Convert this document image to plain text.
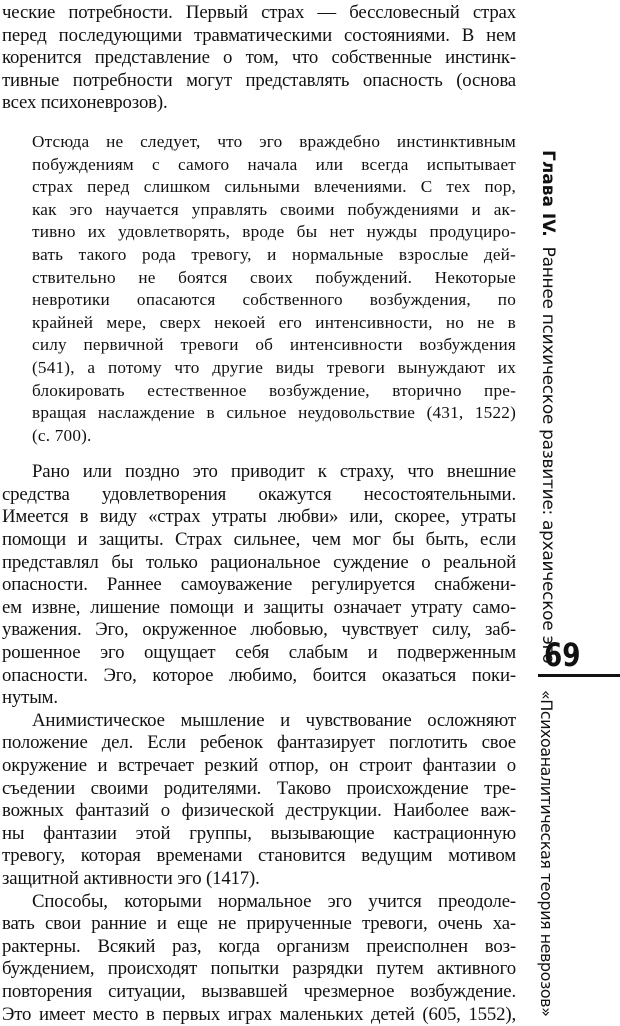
ческие потребности. Первый страх — бессловесный страх
перед последующими травматическими состояниями. В нем
коренится представление о том, что собственные инстинк-
тивные потребности могут представлять опасность (основа
всех психоневрозов).
Отсюда не следует, что эго враждебно инстинктивным
побуждениям с самого начала или всегда испытывает
страх перед слишком сильными влечениями. С тех пор,
как эго научается управлять своими побуждениями и ак-
тивно их удовлетворять, вроде бы нет нужды продуциро-
вать такого рода тревогу, и нормальные взрослые дей-
ствительно не боятся своих побуждений. Некоторые
невротики опасаются собственного возбуждения, по
крайней мере, сверх некоей его интенсивности, но не в
силу первичной тревоги об интенсивности возбуждения
(541), а потому что другие виды тревоги вынуждают их
блокировать естественное возбуждение, вторично пре-
вращая наслаждение в сильное неудовольствие (431, 1522)
(с. 700).
Рано или поздно это приводит к страху, что внешние
средства удовлетворения окажутся несостоятельными.
Имеется в виду «страх утраты любви» или, скорее, утраты
помощи и защиты. Страх сильнее, чем мог бы быть, если
представлял бы только рациональное суждение о реальной
опасности. Раннее самоуважение регулируется снабжени-
ем извне, лишение помощи и защиты означает утрату само-
уважения. Эго, окруженное любовью, чувствует силу, заб-
рошенное эго ощущает себя слабым и подверженным
опасности. Эго, которое любимо, боится оказаться поки-
нутым.
Анимистическое мышление и чувствование осложняют
положение дел. Если ребенок фантазирует поглотить свое
окружение и встречает резкий отпор, он строит фантазии о
съедении своими родителями. Таково происхождение тре-
вожных фантазий о физической деструкции. Наиболее важ-
ны фантазии этой группы, вызывающие кастрационную
тревогу, которая временами становится ведущим мотивом
защитной активности эго (1417).
Способы, которыми нормальное эго учится преодоле-
вать свои ранние и еще не прирученные тревоги, очень ха-
рактерны. Всякий раз, когда организм преисполнен воз-
буждением, происходят попытки разрядки путем активного
повторения ситуации, вызвавшей чрезмерное возбуждение.
Это имеет место в первых играх маленьких детей (605, 1552),
Глава IV.Раннее психическое развитие: архаическое эго
69
«Психоаналитическая теория неврозов»
